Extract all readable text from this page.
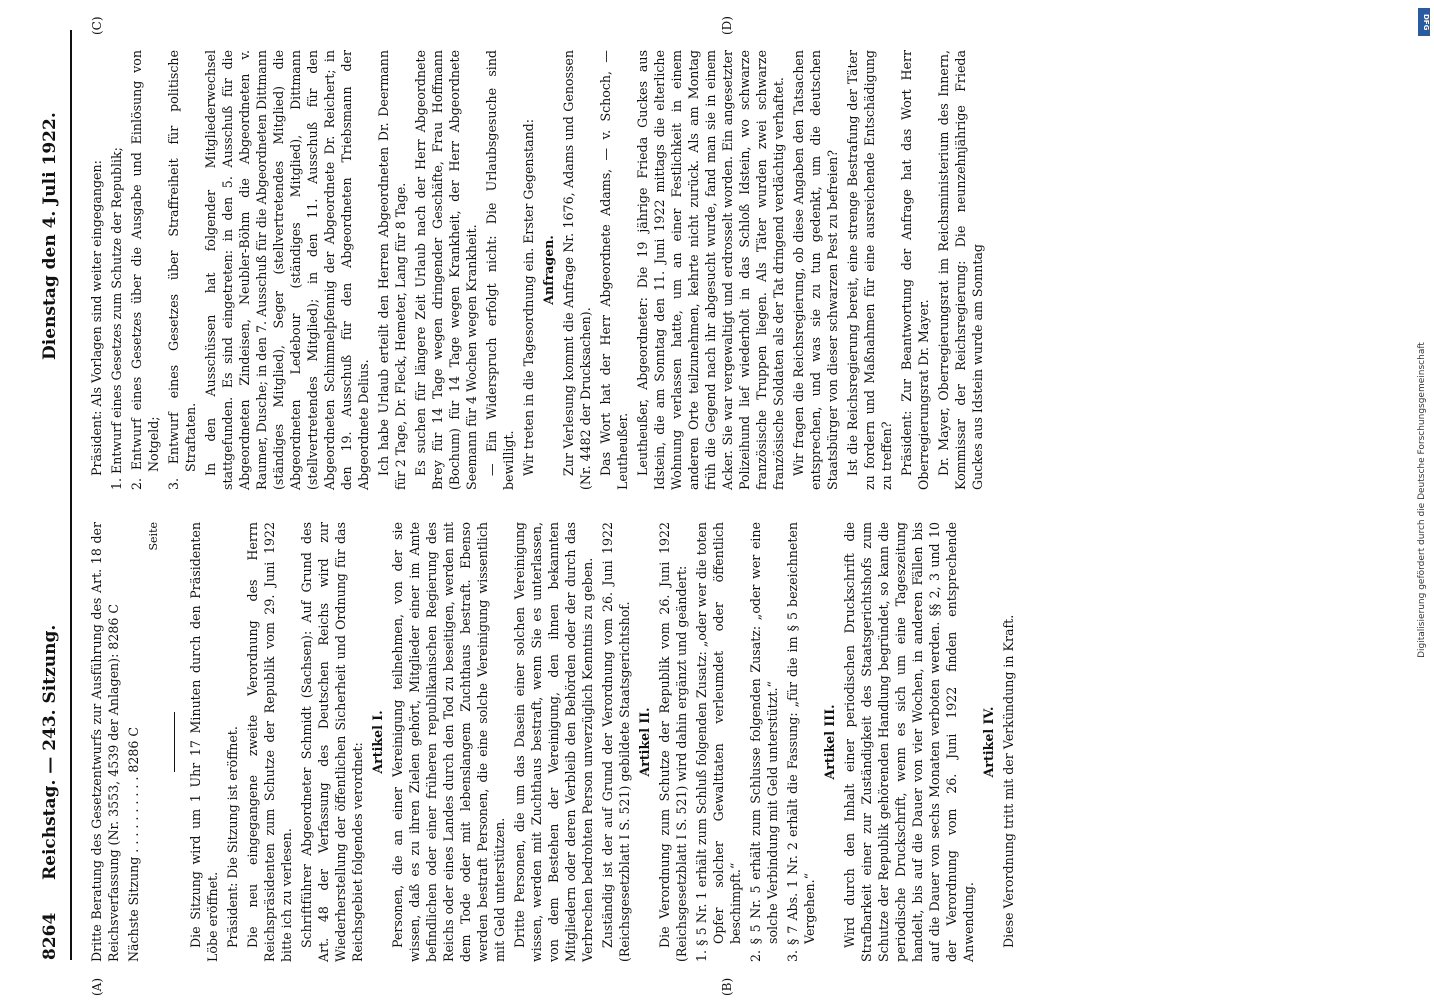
8264
Reichstag. — 243. Sitzung.
Dienstag den 4. Juli 1922.
(A)	(B)
(C)	(D)

Dritte Beratung des Gesetzentwurfs zur Ausführung des Art. 18 der Reichsverfassung (Nr. 3553, 4539 der Anlagen): 8286 C Nächste Sitzung . . . . . . . . . . 8286 C

Seite Die Sitzung wird um 1 Uhr 17 Minuten durch den Präsidenten Löbe eröffnet. Präsident: Die Sitzung ist eröffnet. Die neu eingegangene zweite Verordnung des Herrn Reichspräsidenten zum Schutze der Republik vom 29. Juni 1922 bitte ich zu verlesen. Schriftführer Abgeordneter Schmidt (Sachsen): Auf Grund des Art. 48 der Verfassung des Deutschen Reichs wird zur Wiederherstellung der öffentlichen Sicherheit und Ordnung für das Reichsgebiet folgendes verordnet:

Artikel I. Personen, die an einer Vereinigung teilnehmen, von der sie wissen, daß es zu ihren Zielen gehört, Mitglieder einer im Amte befindlichen oder einer früheren republikanischen Regierung des Reichs oder eines Landes durch den Tod zu beseitigen, werden mit dem Tode oder mit lebenslangem Zuchthaus bestraft. Ebenso werden bestraft Personen, die eine solche Vereinigung wissentlich mit Geld unterstützen. Dritte Personen, die um das Dasein einer solchen Vereinigung wissen, werden mit Zuchthaus bestraft, wenn Sie es unterlassen, von dem Bestehen der Vereinigung, den ihnen bekannten Mitgliedern oder deren Verbleib den Behörden oder der durch das Verbrechen bedrohten Person unverzüglich Kenntnis zu geben. Zuständig ist der auf Grund der Verordnung vom 26. Juni 1922 (Reichsgesetzblatt I S. 521) gebildete Staatsgerichtshof. Artikel II. Die Verordnung zum Schutze der Republik vom 26. Juni 1922 (Reichsgesetzblatt I S. 521) wird dahin ergänzt und geändert: 1. § 5 Nr. 1 erhält zum Schluß folgenden Zusatz: „oder wer die toten Opfer solcher Gewalttaten verleumdet oder öffentlich beschimpft.“ 2. § 5 Nr. 5 erhält zum Schlusse folgenden Zusatz: „oder wer eine solche Verbindung mit Geld unterstützt.“ 3. § 7 Abs. 1 Nr. 2 erhält die Fassung: „für die im § 5 bezeichneten Vergehen.“

Artikel III. Wird durch den Inhalt einer periodischen Druckschrift die Strafbarkeit einer zur Zuständigkeit des Staatsgerichtshofs zum Schutze der Republik gehörenden Handlung begründet, so kann die periodische Druckschrift, wenn es sich um eine Tageszeitung handelt, bis auf die Dauer von vier Wochen, in anderen Fällen bis auf die Dauer von sechs Monaten verboten werden. §§ 2, 3 und 10 der Verordnung vom 26. Juni 1922 finden entsprechende Anwendung.

Artikel IV. Diese Verordnung tritt mit der Verkündung in Kraft.

Präsident: Als Vorlagen sind weiter eingegangen: 1. Entwurf eines Gesetzes zum Schutze der Republik; 2. Entwurf eines Gesetzes über die Ausgabe und Einlösung von Notgeld; 3. Entwurf eines Gesetzes über Straffreiheit für politische Straftaten. In den Ausschüssen hat folgender Mitgliederwechsel stattgefunden. Es sind eingetreten: in den 5. Ausschuß für die Abgeordneten Zindeisen, Neubler-Böhm die Abgeordneten v. Raumer, Dusche; in den 7. Ausschuß für die Abgeordneten Dittmann (ständiges Mitglied), Seger (stellvertretendes Mitglied) die Abgeordneten Ledebour (ständiges Mitglied), Dittmann (stellvertretendes Mitglied); in den 11. Ausschuß für den Abgeordneten Schimmelpfennig der Abgeordnete Dr. Reichert; in den 19. Ausschuß für den Abgeordneten Triebsmann der Abgeordnete Delius. Ich habe Urlaub erteilt den Herren Abgeordneten Dr. Deermann für 2 Tage, Dr. Fleck, Hemeter, Lang für 8 Tage. Es suchen für längere Zeit Urlaub nach der Herr Abgeordnete Brey für 14 Tage wegen dringender Geschäfte, Frau Hoffmann (Bochum) für 14 Tage wegen Krankheit, der Herr Abgeordnete Seemann für 4 Wochen wegen Krankheit. — Ein Widerspruch erfolgt nicht: Die Urlaubsgesuche sind bewilligt. Wir treten in die Tagesordnung ein. Erster Gegenstand: Anfragen. Zur Verlesung kommt die Anfrage Nr. 1676, Adams und Genossen (Nr. 4482 der Drucksachen). Das Wort hat der Herr Abgeordnete Adams, — v. Schoch, — Leutheußer. Leutheußer, Abgeordneter: Die 19 jährige Frieda Guckes aus Idstein, die am Sonntag den 11. Juni 1922 mittags die elterliche Wohnung verlassen hatte, um an einer Festlichkeit in einem anderen Orte teilzunehmen, kehrte nicht zurück. Als am Montag früh die Gegend nach ihr abgesucht wurde, fand man sie in einem Acker. Sie war vergewaltigt und erdrosselt worden. Ein angesetzter Polizeihund lief wiederholt in das Schloß Idstein, wo schwarze französische Truppen liegen. Als Täter wurden zwei schwarze französische Soldaten als der Tat dringend verdächtig verhaftet. Wir fragen die Reichsregierung, ob diese Angaben den Tatsachen entsprechen, und was sie zu tun gedenkt, um die deutschen Staatsbürger von dieser schwarzen Pest zu befreien? Ist die Reichsregierung bereit, eine strenge Bestrafung der Täter zu fordern und Maßnahmen für eine ausreichende Entschädigung zu treffen? Präsident: Zur Beantwortung der Anfrage hat das Wort Herr Oberregierungsrat Dr. Mayer. Dr. Mayer, Oberregierungsrat im Reichsministerium des Innern, Kommissar der Reichsregierung: Die neunzehnjährige Frieda Guckes aus Idstein wurde am Sonntag

DFG
Digitalisierung gefördert durch die Deutsche Forschungsgemeinschaft
